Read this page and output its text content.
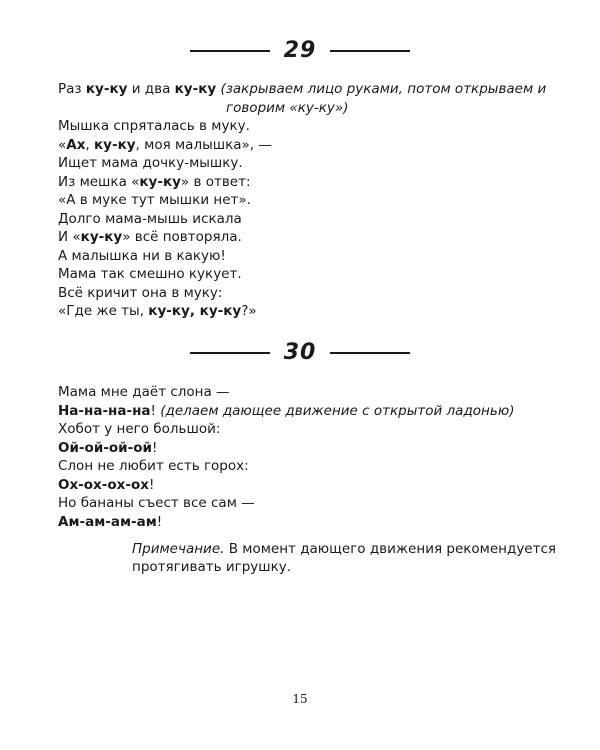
29
Раз ку-ку и два ку-ку (закрываем лицо руками, потом открываем и
говорим «ку-ку»)
Мышка спряталась в муку.
«Ах, ку-ку, моя малышка», —
Ищет мама дочку-мышку.
Из мешка «ку-ку» в ответ:
«А в муке тут мышки нет».
Долго мама-мышь искала
И «ку-ку» всё повторяла.
А малышка ни в какую!
Мама так смешно кукует.
Всё кричит она в муку:
«Где же ты, ку-ку, ку-ку?»
30
Мама мне даёт слона —
На-на-на-на! (делаем дающее движение с открытой ладонью)
Хобот у него большой:
Ой-ой-ой-ой!
Слон не любит есть горох:
Ох-ох-ох-ох!
Но бананы съест все сам —
Ам-ам-ам-ам!
Примечание. В момент дающего движения рекомендуется
протягивать игрушку.
15
